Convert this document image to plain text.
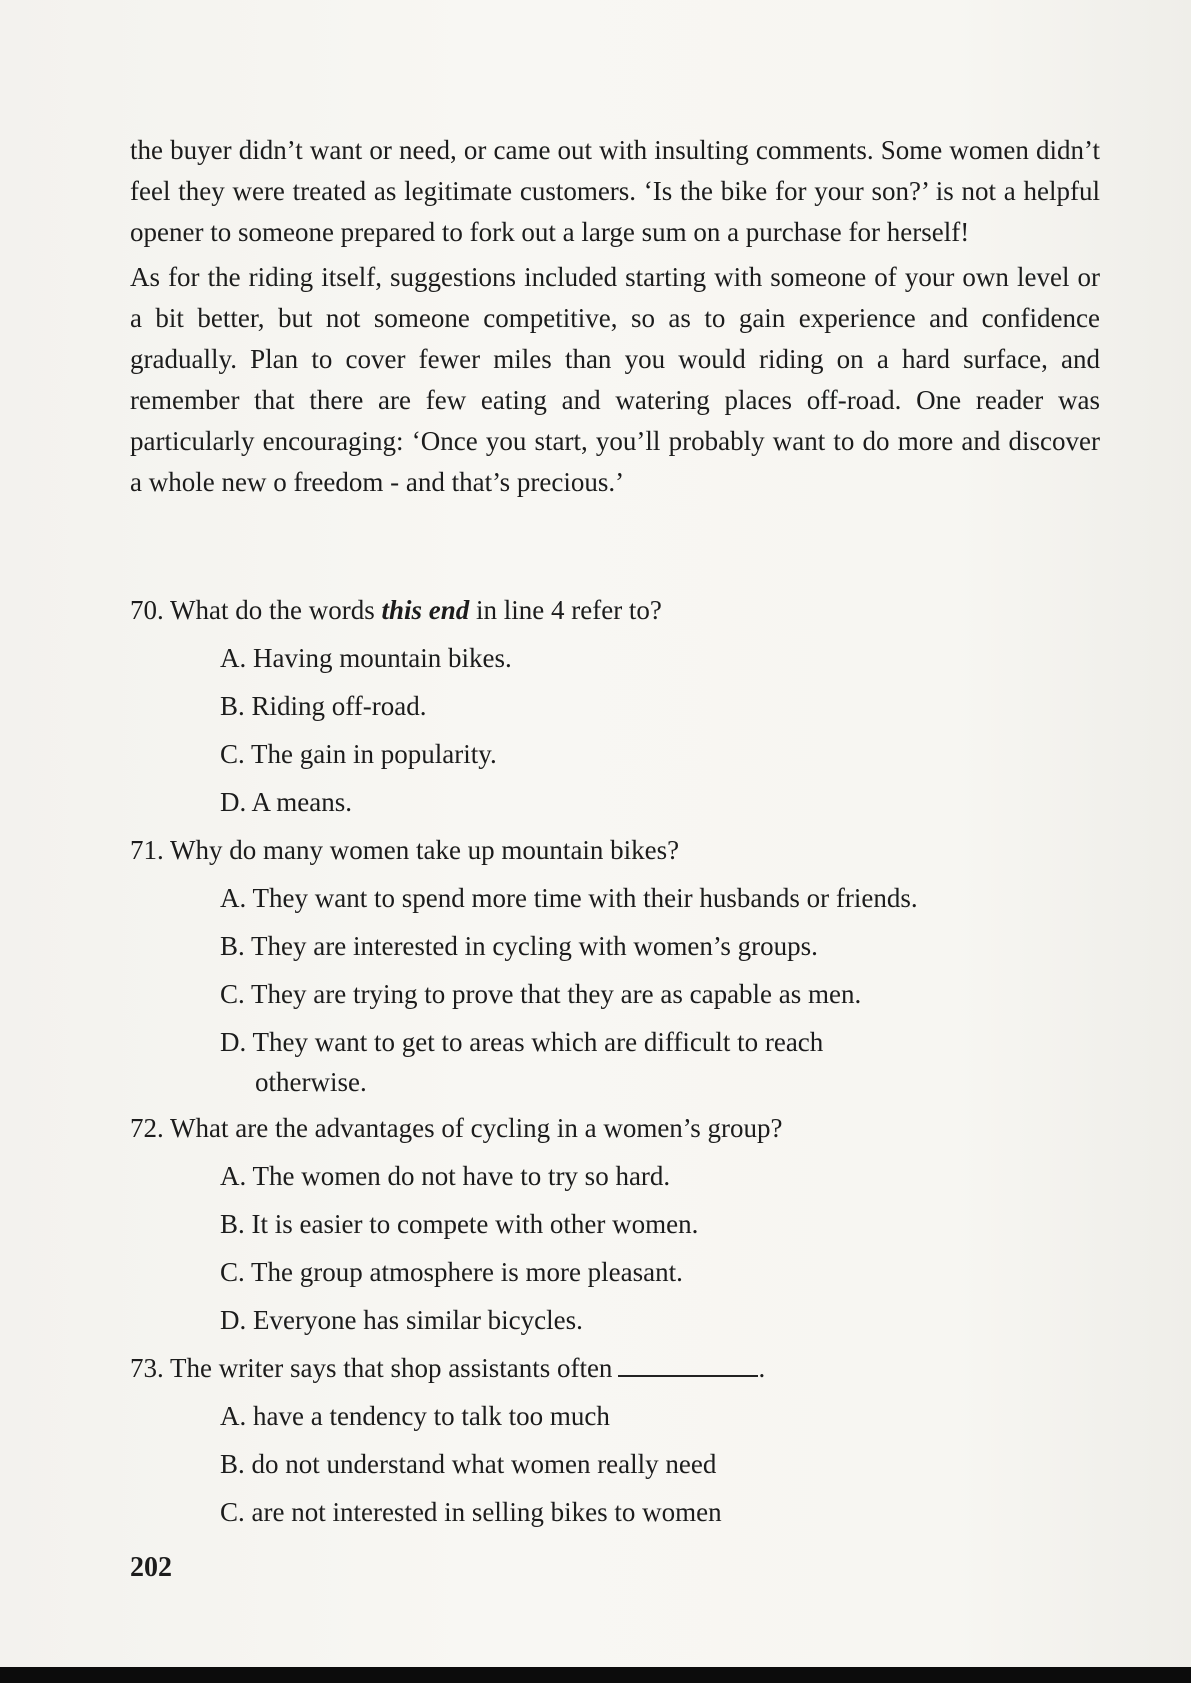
the buyer didn’t want or need, or came out with insulting comments. Some women didn’t feel they were treated as legitimate customers. ‘Is the bike for your son?’ is not a helpful opener to someone prepared to fork out a large sum on a purchase for herself!

As for the riding itself, suggestions included starting with someone of your own level or a bit better, but not someone competitive, so as to gain experience and confidence gradually. Plan to cover fewer miles than you would riding on a hard surface, and remember that there are few eating and watering places off-road. One reader was particularly encouraging: ‘Once you start, you’ll probably want to do more and discover a whole new o freedom - and that’s precious.’

70. What do the words this end in line 4 refer to?

A. Having mountain bikes.

B. Riding off-road.

C. The gain in popularity.

D. A means.

71. Why do many women take up mountain bikes?

A. They want to spend more time with their husbands or friends.

B. They are interested in cycling with women’s groups.

C. They are trying to prove that they are as capable as men.

D. They want to get to areas which are difficult to reach
otherwise.

72. What are the advantages of cycling in a women’s group?

A. The women do not have to try so hard.

B. It is easier to compete with other women.

C. The group atmosphere is more pleasant.

D. Everyone has similar bicycles.

73. The writer says that shop assistants often	.

A. have a tendency to talk too much

B. do not understand what women really need

C. are not interested in selling bikes to women

202
